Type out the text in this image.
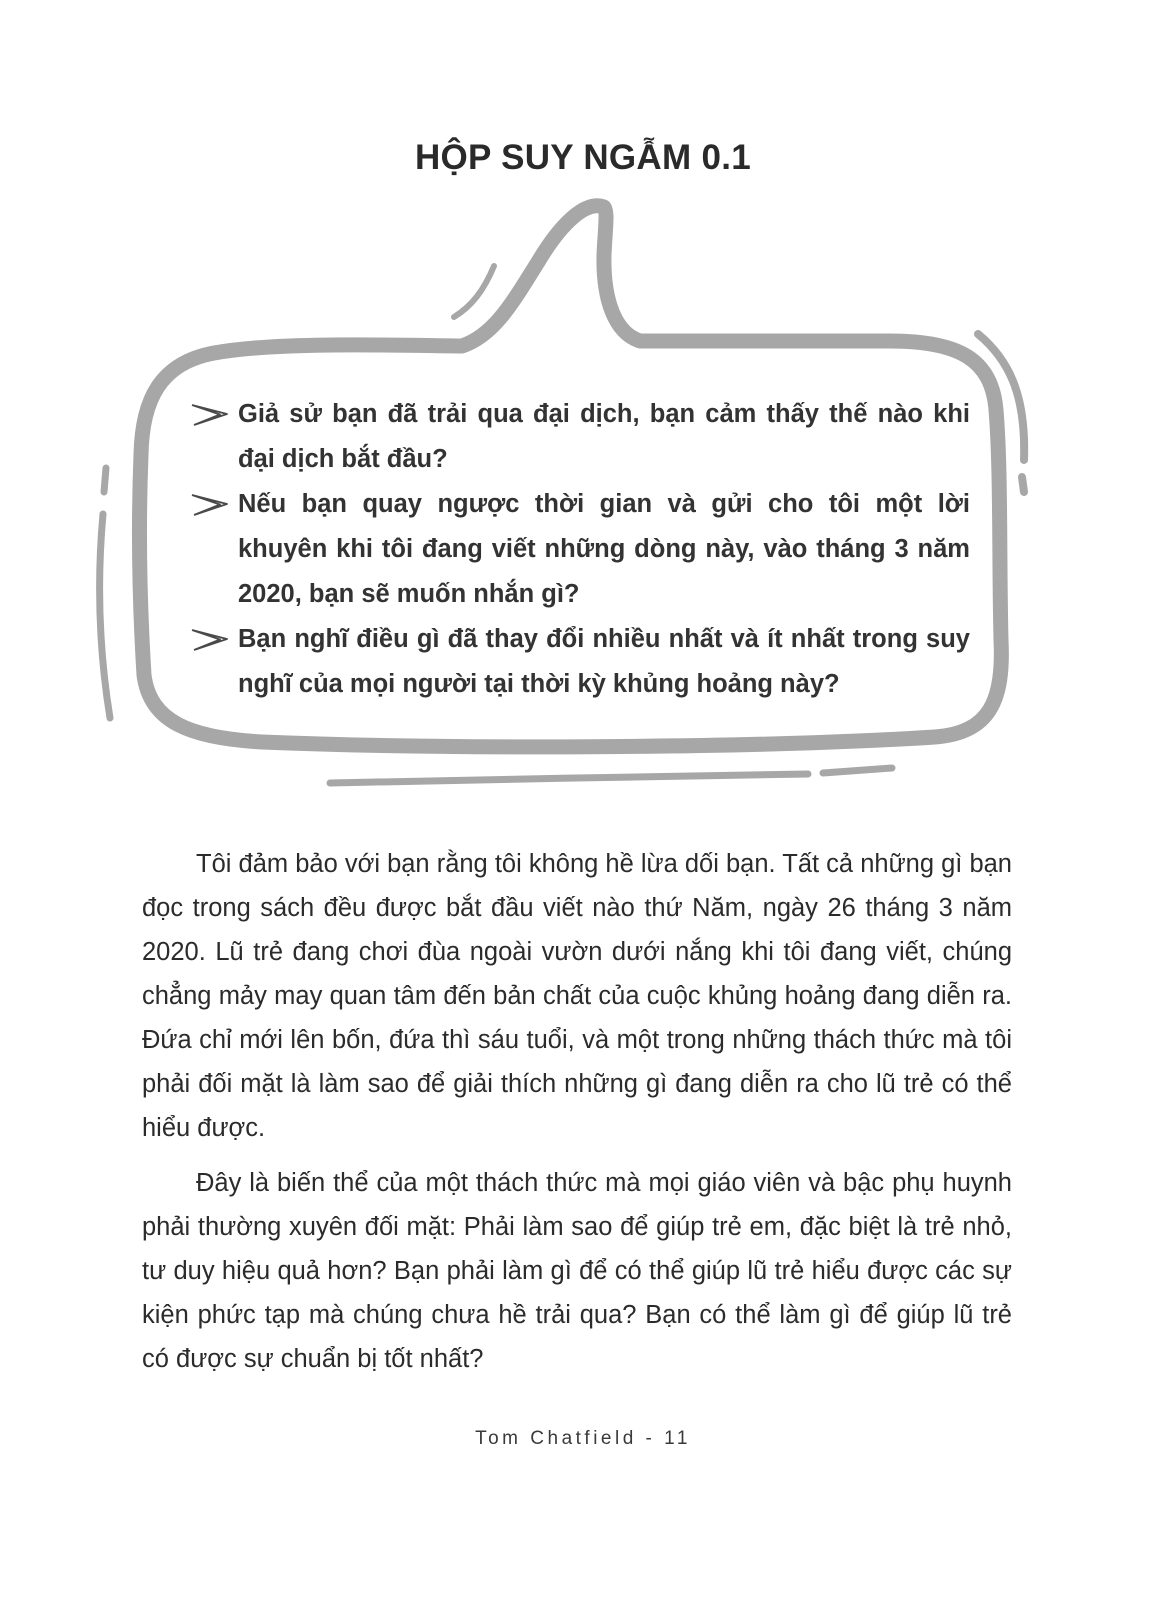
HỘP SUY NGẪM 0.1
Giả sử bạn đã trải qua đại dịch, bạn cảm thấy thế nào khi đại dịch bắt đầu?
Nếu bạn quay ngược thời gian và gửi cho tôi một lời khuyên khi tôi đang viết những dòng này, vào tháng 3 năm 2020, bạn sẽ muốn nhắn gì?
Bạn nghĩ điều gì đã thay đổi nhiều nhất và ít nhất trong suy nghĩ của mọi người tại thời kỳ khủng hoảng này?

Tôi đảm bảo với bạn rằng tôi không hề lừa dối bạn. Tất cả những gì bạn đọc trong sách đều được bắt đầu viết nào thứ Năm, ngày 26 tháng 3 năm 2020. Lũ trẻ đang chơi đùa ngoài vườn dưới nắng khi tôi đang viết, chúng chẳng mảy may quan tâm đến bản chất của cuộc khủng hoảng đang diễn ra. Đứa chỉ mới lên bốn, đứa thì sáu tuổi, và một trong những thách thức mà tôi phải đối mặt là làm sao để giải thích những gì đang diễn ra cho lũ trẻ có thể hiểu được.

Đây là biến thể của một thách thức mà mọi giáo viên và bậc phụ huynh phải thường xuyên đối mặt: Phải làm sao để giúp trẻ em, đặc biệt là trẻ nhỏ, tư duy hiệu quả hơn? Bạn phải làm gì để có thể giúp lũ trẻ hiểu được các sự kiện phức tạp mà chúng chưa hề trải qua? Bạn có thể làm gì để giúp lũ trẻ có được sự chuẩn bị tốt nhất?

Tom Chatfield - 11
